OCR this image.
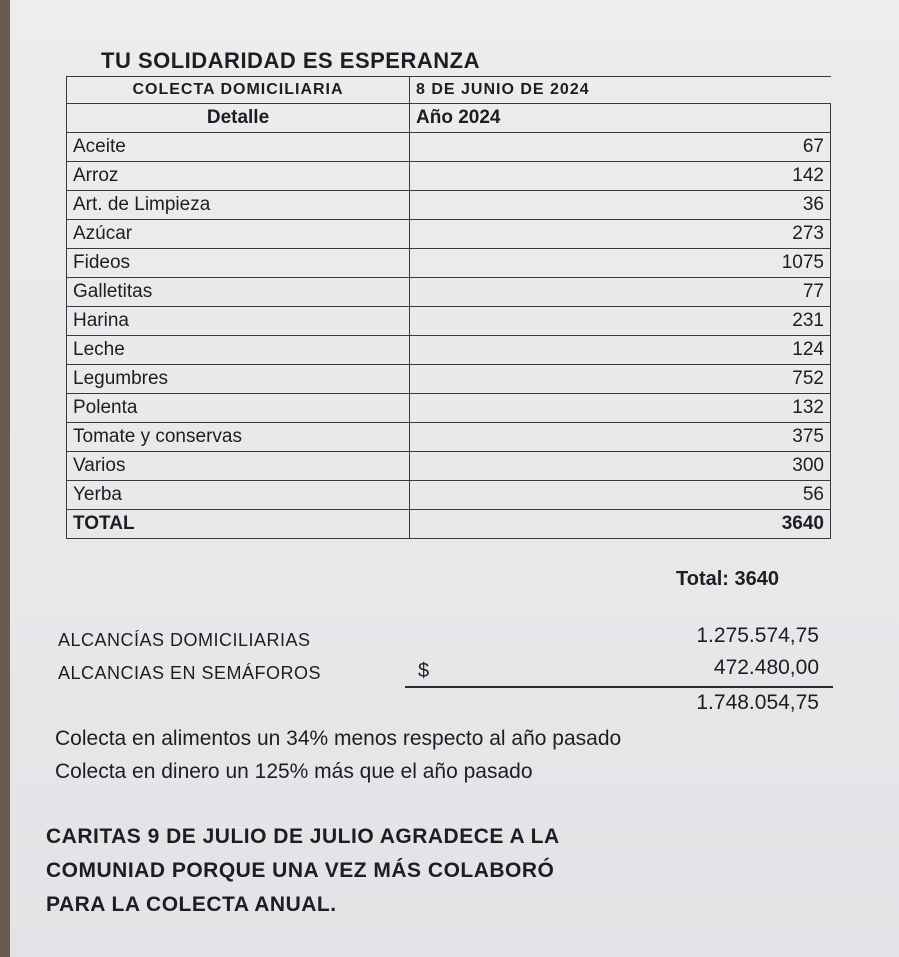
TU SOLIDARIDAD ES ESPERANZA
COLECTA DOMICILIARIA	8 DE JUNIO DE 2024	
Detalle	Año 2024	
Aceite		67
Arroz		142
Art. de Limpieza		36
Azúcar		273
Fideos		1075
Galletitas		77
Harina		231
Leche		124
Legumbres		752
Polenta		132
Tomate y conservas		375
Varios		300
Yerba		56
TOTAL		3640
Total: 3640
ALCANCÍAS DOMICILIARIAS	1.275.574,75
ALCANCIAS EN SEMÁFOROS	$	472.480,00
1.748.054,75
Colecta en alimentos un 34% menos respecto al año pasado
Colecta en dinero un 125% más que el año pasado
CARITAS 9 DE JULIO DE JULIO AGRADECE A LA
COMUNIAD PORQUE UNA VEZ MÁS COLABORÓ
PARA LA COLECTA ANUAL.
